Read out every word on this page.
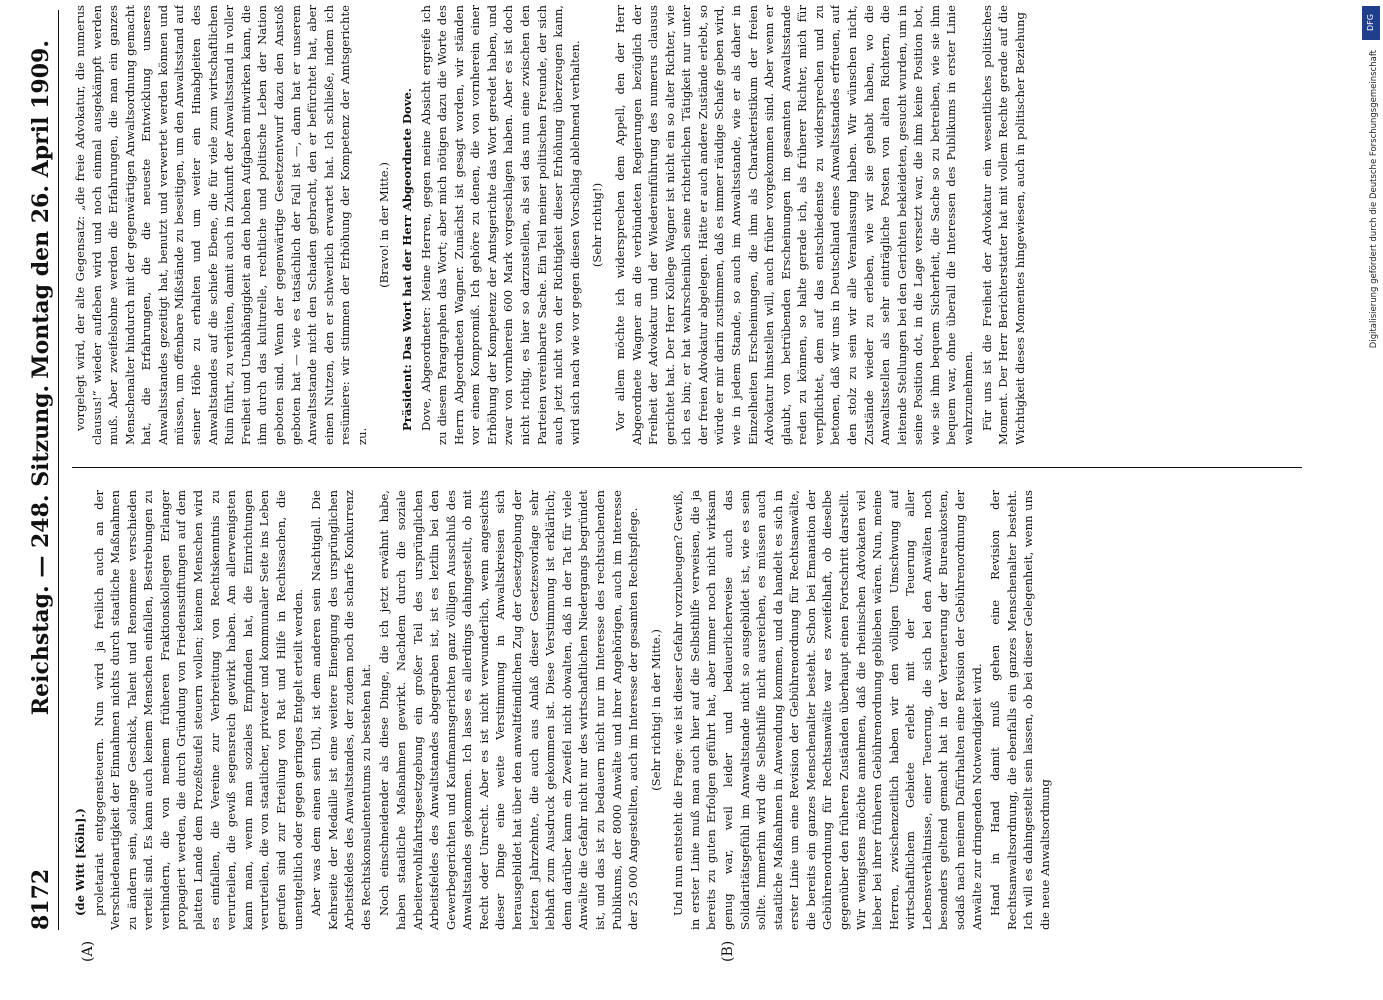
8172
Reichstag. — 248. Sitzung.
Montag den 26. April 1909.
(A)	(B)

(de Witt [Köln].) proletariat entgegensteuern. Nun wird ja freilich auch an der Verschiedenartigkeit der Einnahmen nichts durch staatliche Maßnahmen zu ändern sein, solange Geschick, Talent und Renommee verschieden verteilt sind. Es kann auch keinem Menschen einfallen, Bestrebungen zu verhindern, die von meinem früheren Fraktionskollegen Erlanger propagiert werden, die durch Gründung von Friedensstiftungen auf dem platten Lande dem Prozeßteufel steuern wollen; keinem Menschen wird es einfallen, die Vereine zur Verbreitung von Rechtskenntnis zu verurteilen, die gewiß segensreich gewirkt haben. Am allerwenigsten kann man, wenn man soziales Empfinden hat, die Einrichtungen verurteilen, die von staatlicher, privater und kommunaler Seite ins Leben gerufen sind zur Erteilung von Rat und Hilfe in Rechtssachen, die unentgeltlich oder gegen geringes Entgelt erteilt werden. Aber was dem einen sein Uhl, ist dem anderen sein Nachtigall. Die Kehrseite der Medaille ist eine weitere Einengung des ursprünglichen Arbeitsfeldes des Anwaltstandes, der zudem noch die scharfe Konkurrenz des Rechtskonsulententums zu bestehen hat. Noch einschneidender als diese Dinge, die ich jetzt erwähnt habe, haben staatliche Maßnahmen gewirkt. Nachdem durch die soziale Arbeiterwohlfahrtsgesetzgebung ein großer Teil des ursprünglichen Arbeitsfeldes des Anwaltstandes abgegraben ist, ist es leztlin bei den Gewerbegerichten und Kaufmannsgerichten ganz völligen Ausschluß des Anwaltstandes gekommen. Ich lasse es allerdings dahingestellt, ob mit Recht oder Unrecht. Aber es ist nicht verwunderlich, wenn angesichts dieser Dinge eine weite Verstimmung in Anwaltskreisen sich herausgebildet hat über den anwaltfeindlichen Zug der Gesetzgebung der letzten Jahrzehnte, die auch aus Anlaß dieser Gesetzesvorlage sehr lebhaft zum Ausdruck gekommen ist. Diese Verstimmung ist erklärlich; denn darüber kann ein Zweifel nicht obwalten, daß in der Tat für viele Anwälte die Gefahr nicht nur des wirtschaftlichen Niedergangs begründet ist, und das ist zu bedauern nicht nur im Interesse des rechtsuchenden Publikums, der 8000 Anwälte und ihrer Angehörigen, auch im Interesse der 25 000 Angestellten, auch im Interesse der gesamten Rechtspflege. (Sehr richtig! in der Mitte.) Und nun entsteht die Frage: wie ist dieser Gefahr vorzubeugen? Gewiß, in erster Linie muß man auch hier auf die Selbsthilfe verweisen, die ja bereits zu guten Erfolgen geführt hat, aber immer noch nicht wirksam genug war, weil leider und bedauerlicherweise auch das Solidaritätsgefühl im Anwaltstande nicht so ausgebildet ist, wie es sein sollte. Immerhin wird die Selbsthilfe nicht ausreichen, es müssen auch staatliche Maßnahmen in Anwendung kommen, und da handelt es sich in erster Linie um eine Revision der Gebührenordnung für Rechtsanwälte, die bereits ein ganzes Menschenalter besteht. Schon bei Emanation der Gebührenordnung für Rechtsanwälte war es zweifelhaft, ob dieselbe gegenüber den früheren Zuständen überhaupt einen Fortschritt darstellt. Wir wenigstens möchte annehmen, daß die rheinischen Advokaten viel lieber bei ihrer früheren Gebührenordnung geblieben wären. Nun, meine Herren, zwischenzeitlich haben wir den völligen Umschwung auf wirtschaftlichem Gebiete erlebt mit der Teuerung aller Lebensverhältnisse, einer Teuerung, die sich bei den Anwälten noch besonders geltend gemacht hat in der Verteuerung der Bureaukosten, sodaß nach meinem Dafürhalten eine Revision der Gebührenordnung der Anwälte zur dringenden Notwendigkeit wird. Hand in Hand damit muß gehen eine Revision der Rechtsanwaltsordnung, die ebenfalls ein ganzes Menschenalter besteht. Ich will es dahingestellt sein lassen, ob bei dieser Gelegenheit, wenn uns die neue Anwaltsordnung

vorgelegt wird, der alte Gegensatz: „die freie Advokatur, die numerus clausus!“ wieder aufleben wird und noch einmal ausgekämpft werden muß. Aber zweifelsohne werden die Erfahrungen, die man ein ganzes Menschenalter hindurch mit der gegenwärtigen Anwaltsordnung gemacht hat, die Erfahrungen, die die neueste Entwicklung unseres Anwaltsstandes gezeitigt hat, benutzt und verwertet werden können und müssen, um offenbare Mißstände zu beseitigen, um den Anwaltsstand auf seiner Höhe zu erhalten und um weiter ein Hinabgleiten des Anwaltstandes auf die schiefe Ebene, die für viele zum wirtschaftlichen Ruin führt, zu verhüten, damit auch in Zukunft der Anwaltsstand in voller Freiheit und Unabhängigkeit an den hohen Aufgaben mitwirken kann, die ihm durch das kulturelle, rechtliche und politische Leben der Nation geboten sind. Wenn der gegenwärtige Gesetzentwurf dazu den Anstoß geboten hat — wie es tatsächlich der Fall ist —, dann hat er unserem Anwaltsstande nicht den Schaden gebracht, den er befürchtet hat, aber einen Nutzen, den er schwerlich erwartet hat. Ich schließe, indem ich resümiere: wir stimmen der Erhöhung der Kompetenz der Amtsgerichte zu.

(Bravo! in der Mitte.) Präsident: Das Wort hat der Herr Abgeordnete Dove. Dove, Abgeordneter: Meine Herren, gegen meine Absicht ergreife ich zu diesem Paragraphen das Wort; aber mich nötigen dazu die Worte des Herrn Abgeordneten Wagner. Zunächst ist gesagt worden, wir ständen vor einem Kompromiß. Ich gehöre zu denen, die von vornherein einer Erhöhung der Kompetenz der Amtsgerichte das Wort geredet haben, und zwar von vornherein 600 Mark vorgeschlagen haben. Aber es ist doch nicht richtig, es hier so darzustellen, als sei das nun eine zwischen den Parteien vereinbarte Sache. Ein Teil meiner politischen Freunde, der sich auch jetzt nicht von der Richtigkeit dieser Erhöhung überzeugen kann, wird sich nach wie vor gegen diesen Vorschlag ablehnend verhalten. (Sehr richtig!) Vor allem möchte ich widersprechen dem Appell, den der Herr Abgeordnete Wagner an die verbündeten Regierungen bezüglich der Freiheit der Advokatur und der Wiedereinführung des numerus clausus gerichtet hat. Der Herr Kollege Wagner ist nicht ein so alter Richter, wie ich es bin; er hat wahrscheinlich seine richterlichen Tätigkeit nur unter der freien Advokatur abgelegen. Hätte er auch andere Zustände erlebt, so würde er mir darin zustimmen, daß es immer räudige Schafe geben wird, wie in jedem Stande, so auch im Anwaltsstande, wie er als daher in Einzelheiten Erscheinungen, die ihm als Charakteristikum der freien Advokatur hinstellen will, auch früher vorgekommen sind. Aber wenn er glaubt, von betrübenden Erscheinungen im gesamten Anwaltsstande reden zu können, so halte gerade ich, als früherer Richter, mich für verpflichtet, dem auf das entschiedenste zu widersprechen und zu betonen, daß wir uns in Deutschland eines Anwaltsstandes erfreuen, auf den stolz zu sein wir alle Veranlassung haben. Wir wünschen nicht, Zustände wieder zu erleben, wie wir sie gehabt haben, wo die Anwaltsstellen als sehr einträgliche Posten von alten Richtern, die leitende Stellungen bei den Gerichten bekleideten, gesucht wurden, um in seine Position dot, in die Lage versetzt war, die ihm keine Position bot, wie sie ihm bequem Sicherheit, die Sache so zu betreiben, wie sie ihm bequem war, ohne überall die Interessen des Publikums in erster Linie wahrzunehmen. Für uns ist die Freiheit der Advokatur ein wesentliches politisches Moment. Der Herr Berichterstatter hat mit vollem Rechte gerade auf die Wichtigkeit dieses Momentes hingewiesen, auch in politischer Beziehung	DFG
Digitalisierung gefördert durch die Deutsche Forschungsgemeinschaft
